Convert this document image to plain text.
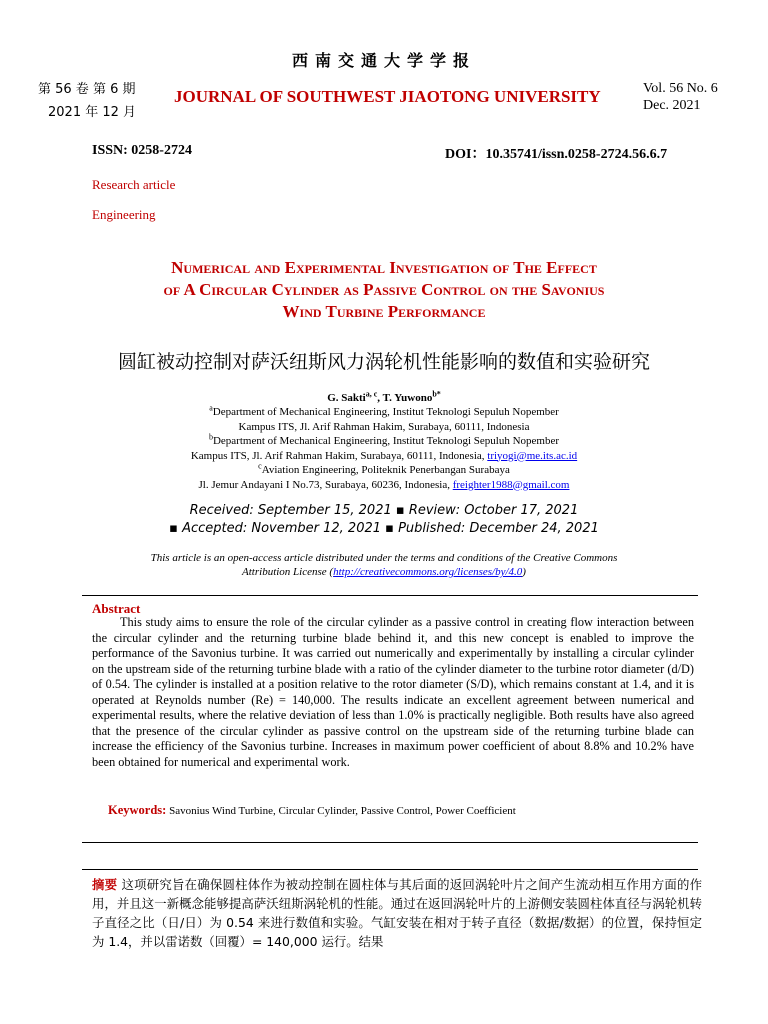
西南交通大学学报
第 56 卷 第 6 期
2021 年 12 月
JOURNAL OF SOUTHWEST JIAOTONG UNIVERSITY	Vol. 56 No. 6
Dec. 2021
ISSN: 0258-2724	DOI：10.35741/issn.0258-2724.56.6.7
Research article
Engineering
Numerical and Experimental Investigation of The Effect
of A Circular Cylinder as Passive Control on the Savonius
Wind Turbine Performance
圆缸被动控制对萨沃纽斯风力涡轮机性能影响的数值和实验研究
G. Sakti$^{a, c}$, T. Yuwono$^{b*}$
$^a$Department of Mechanical Engineering, Institut Teknologi Sepuluh Nopember
Kampus ITS, Jl. Arif Rahman Hakim, Surabaya, 60111, Indonesia
$^b$Department of Mechanical Engineering, Institut Teknologi Sepuluh Nopember
Kampus ITS, Jl. Arif Rahman Hakim, Surabaya, 60111, Indonesia, triyogi@me.its.ac.id
$^c$Aviation Engineering, Politeknik Penerbangan Surabaya
Jl. Jemur Andayani I No.73, Surabaya, 60236, Indonesia, freighter1988@gmail.com
Received: September 15, 2021 ▪ Review: October 17, 2021
▪ Accepted: November 12, 2021 ▪ Published: December 24, 2021
This article is an open-access article distributed under the terms and conditions of the Creative Commons
Attribution License (http://creativecommons.org/licenses/by/4.0)
Abstract
This study aims to ensure the role of the circular cylinder as a passive control in creating flow interaction between the circular cylinder and the returning turbine blade behind it, and this new concept is enabled to improve the performance of the Savonius turbine. It was carried out numerically and experimentally by installing a circular cylinder on the upstream side of the returning turbine blade with a ratio of the cylinder diameter to the turbine rotor diameter (d/D) of 0.54. The cylinder is installed at a position relative to the rotor diameter (S/D), which remains constant at 1.4, and it is operated at Reynolds number (Re) = 140,000. The results indicate an excellent agreement between numerical and experimental results, where the relative deviation of less than 1.0% is practically negligible. Both results have also agreed that the presence of the circular cylinder as passive control on the upstream side of the returning turbine blade can increase the efficiency of the Savonius turbine. Increases in maximum power coefficient of about 8.8% and 10.2% have been obtained for numerical and experimental work.
Keywords: Savonius Wind Turbine, Circular Cylinder, Passive Control, Power Coefficient
摘要 这项研究旨在确保圆柱体作为被动控制在圆柱体与其后面的返回涡轮叶片之间产生流动相互作用方面的作用，并且这一新概念能够提高萨沃纽斯涡轮机的性能。通过在返回涡轮叶片的上游侧安装圆柱体直径与涡轮机转子直径之比（日/日）为 0.54 来进行数值和实验。气缸安装在相对于转子直径（数据/数据）的位置，保持恒定为 1.4，并以雷诺数（回覆）= 140,000 运行。结果
